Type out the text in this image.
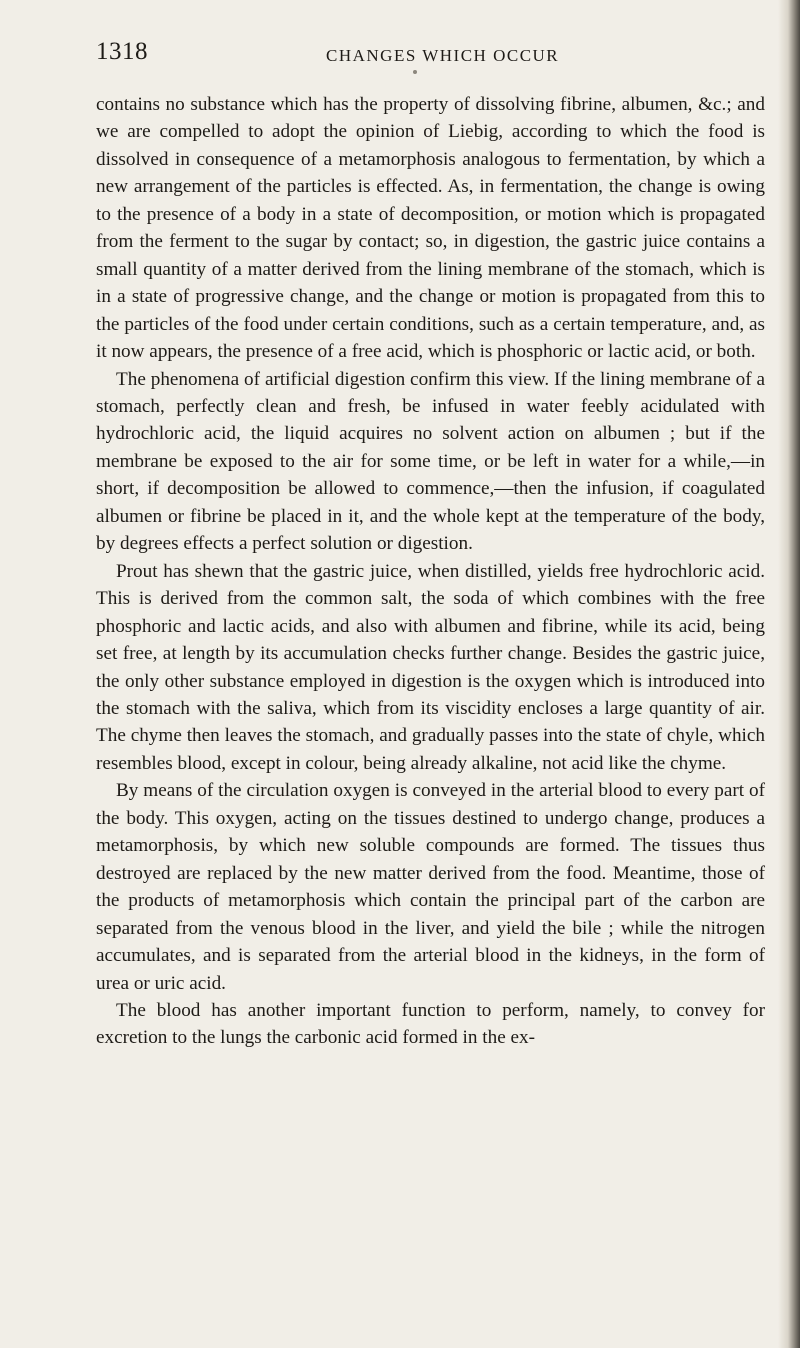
1318	CHANGES WHICH OCCUR

contains no substance which has the property of dissolving fibrine, albumen, &c.; and we are compelled to adopt the opinion of Liebig, according to which the food is dissolved in consequence of a metamorphosis analogous to fermentation, by which a new arrangement of the particles is effected. As, in fermentation, the change is owing to the presence of a body in a state of decomposition, or motion which is propagated from the ferment to the sugar by contact; so, in digestion, the gastric juice contains a small quantity of a matter derived from the lining membrane of the stomach, which is in a state of progressive change, and the change or motion is propagated from this to the particles of the food under certain conditions, such as a certain temperature, and, as it now appears, the presence of a free acid, which is phosphoric or lactic acid, or both.

The phenomena of artificial digestion confirm this view. If the lining membrane of a stomach, perfectly clean and fresh, be infused in water feebly acidulated with hydrochloric acid, the liquid acquires no solvent action on albumen ; but if the membrane be exposed to the air for some time, or be left in water for a while,—in short, if decomposition be allowed to commence,—then the infusion, if coagulated albumen or fibrine be placed in it, and the whole kept at the temperature of the body, by degrees effects a perfect solution or digestion.

Prout has shewn that the gastric juice, when distilled, yields free hydrochloric acid. This is derived from the common salt, the soda of which combines with the free phosphoric and lactic acids, and also with albumen and fibrine, while its acid, being set free, at length by its accumulation checks further change. Besides the gastric juice, the only other substance employed in digestion is the oxygen which is introduced into the stomach with the saliva, which from its viscidity encloses a large quantity of air. The chyme then leaves the stomach, and gradually passes into the state of chyle, which resembles blood, except in colour, being already alkaline, not acid like the chyme.

By means of the circulation oxygen is conveyed in the arterial blood to every part of the body. This oxygen, acting on the tissues destined to undergo change, produces a metamorphosis, by which new soluble compounds are formed. The tissues thus destroyed are replaced by the new matter derived from the food. Meantime, those of the products of metamorphosis which contain the principal part of the carbon are separated from the venous blood in the liver, and yield the bile ; while the nitrogen accumulates, and is separated from the arterial blood in the kidneys, in the form of urea or uric acid.

The blood has another important function to perform, namely, to convey for excretion to the lungs the carbonic acid formed in the ex-
